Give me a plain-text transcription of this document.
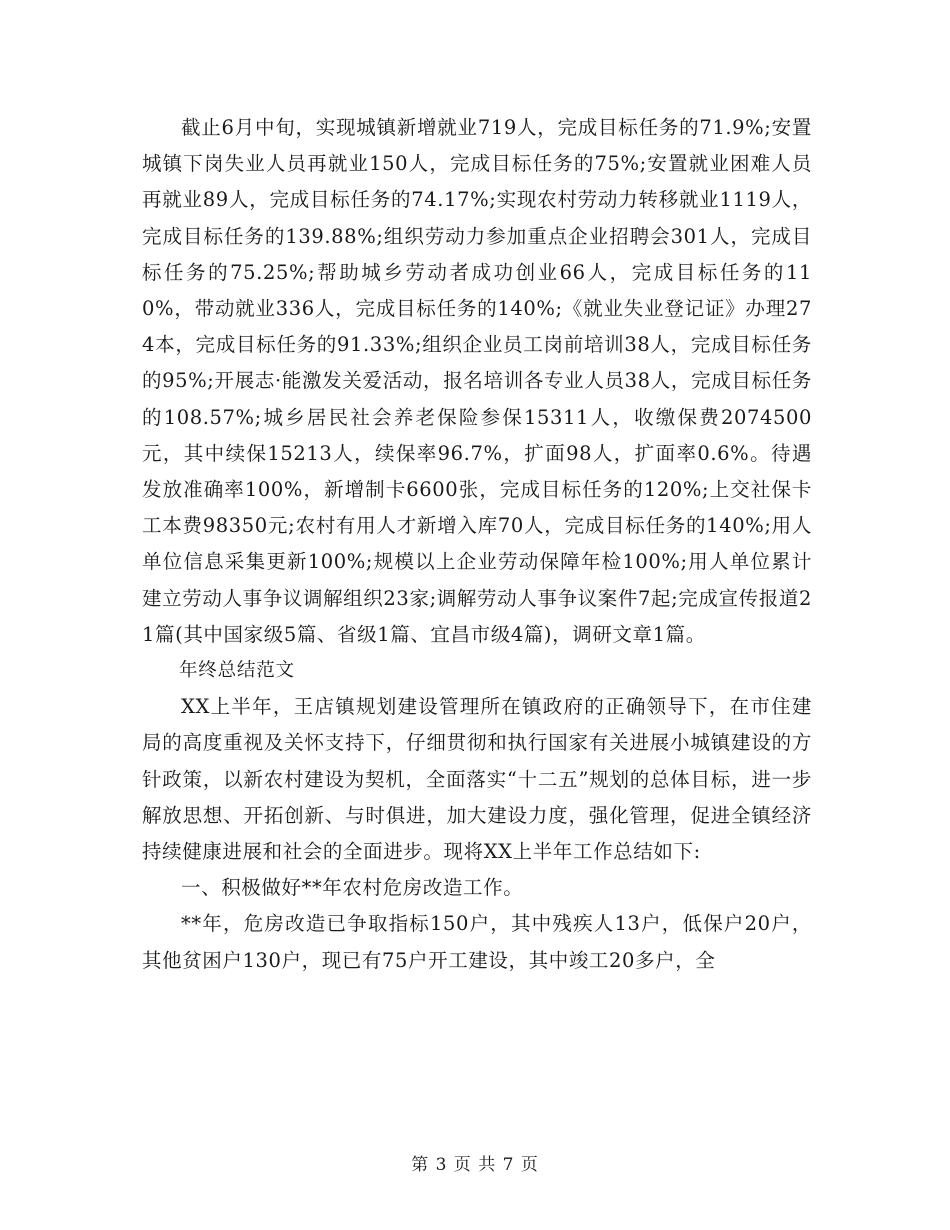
截止6月中旬，实现城镇新增就业719人，完成目标任务的71.9%;安置城镇下岗失业人员再就业150人，完成目标任务的75%;安置就业困难人员再就业89人，完成目标任务的74.17%;实现农村劳动力转移就业1119人，完成目标任务的139.88%;组织劳动力参加重点企业招聘会301人，完成目标任务的75.25%;帮助城乡劳动者成功创业66人，完成目标任务的110%，带动就业336人，完成目标任务的140%;《就业失业登记证》办理274本，完成目标任务的91.33%;组织企业员工岗前培训38人，完成目标任务的95%;开展志·能激发关爱活动，报名培训各专业人员38人，完成目标任务的108.57%;城乡居民社会养老保险参保15311人，收缴保费2074500元，其中续保15213人，续保率96.7%，扩面98人，扩面率0.6%。待遇发放准确率100%，新增制卡6600张，完成目标任务的120%;上交社保卡工本费98350元;农村有用人才新增入库70人，完成目标任务的140%;用人单位信息采集更新100%;规模以上企业劳动保障年检100%;用人单位累计建立劳动人事争议调解组织23家;调解劳动人事争议案件7起;完成宣传报道21篇(其中国家级5篇、省级1篇、宜昌市级4篇)，调研文章1篇。

年终总结范文

XX上半年，王店镇规划建设管理所在镇政府的正确领导下，在市住建局的高度重视及关怀支持下，仔细贯彻和执行国家有关进展小城镇建设的方针政策，以新农村建设为契机，全面落实“十二五”规划的总体目标，进一步解放思想、开拓创新、与时俱进，加大建设力度，强化管理，促进全镇经济持续健康进展和社会的全面进步。现将XX上半年工作总结如下:

一、积极做好**年农村危房改造工作。

**年，危房改造已争取指标150户，其中残疾人13户，低保户20户，其他贫困户130户，现已有75户开工建设，其中竣工20多户，全

第 3 页 共 7 页
